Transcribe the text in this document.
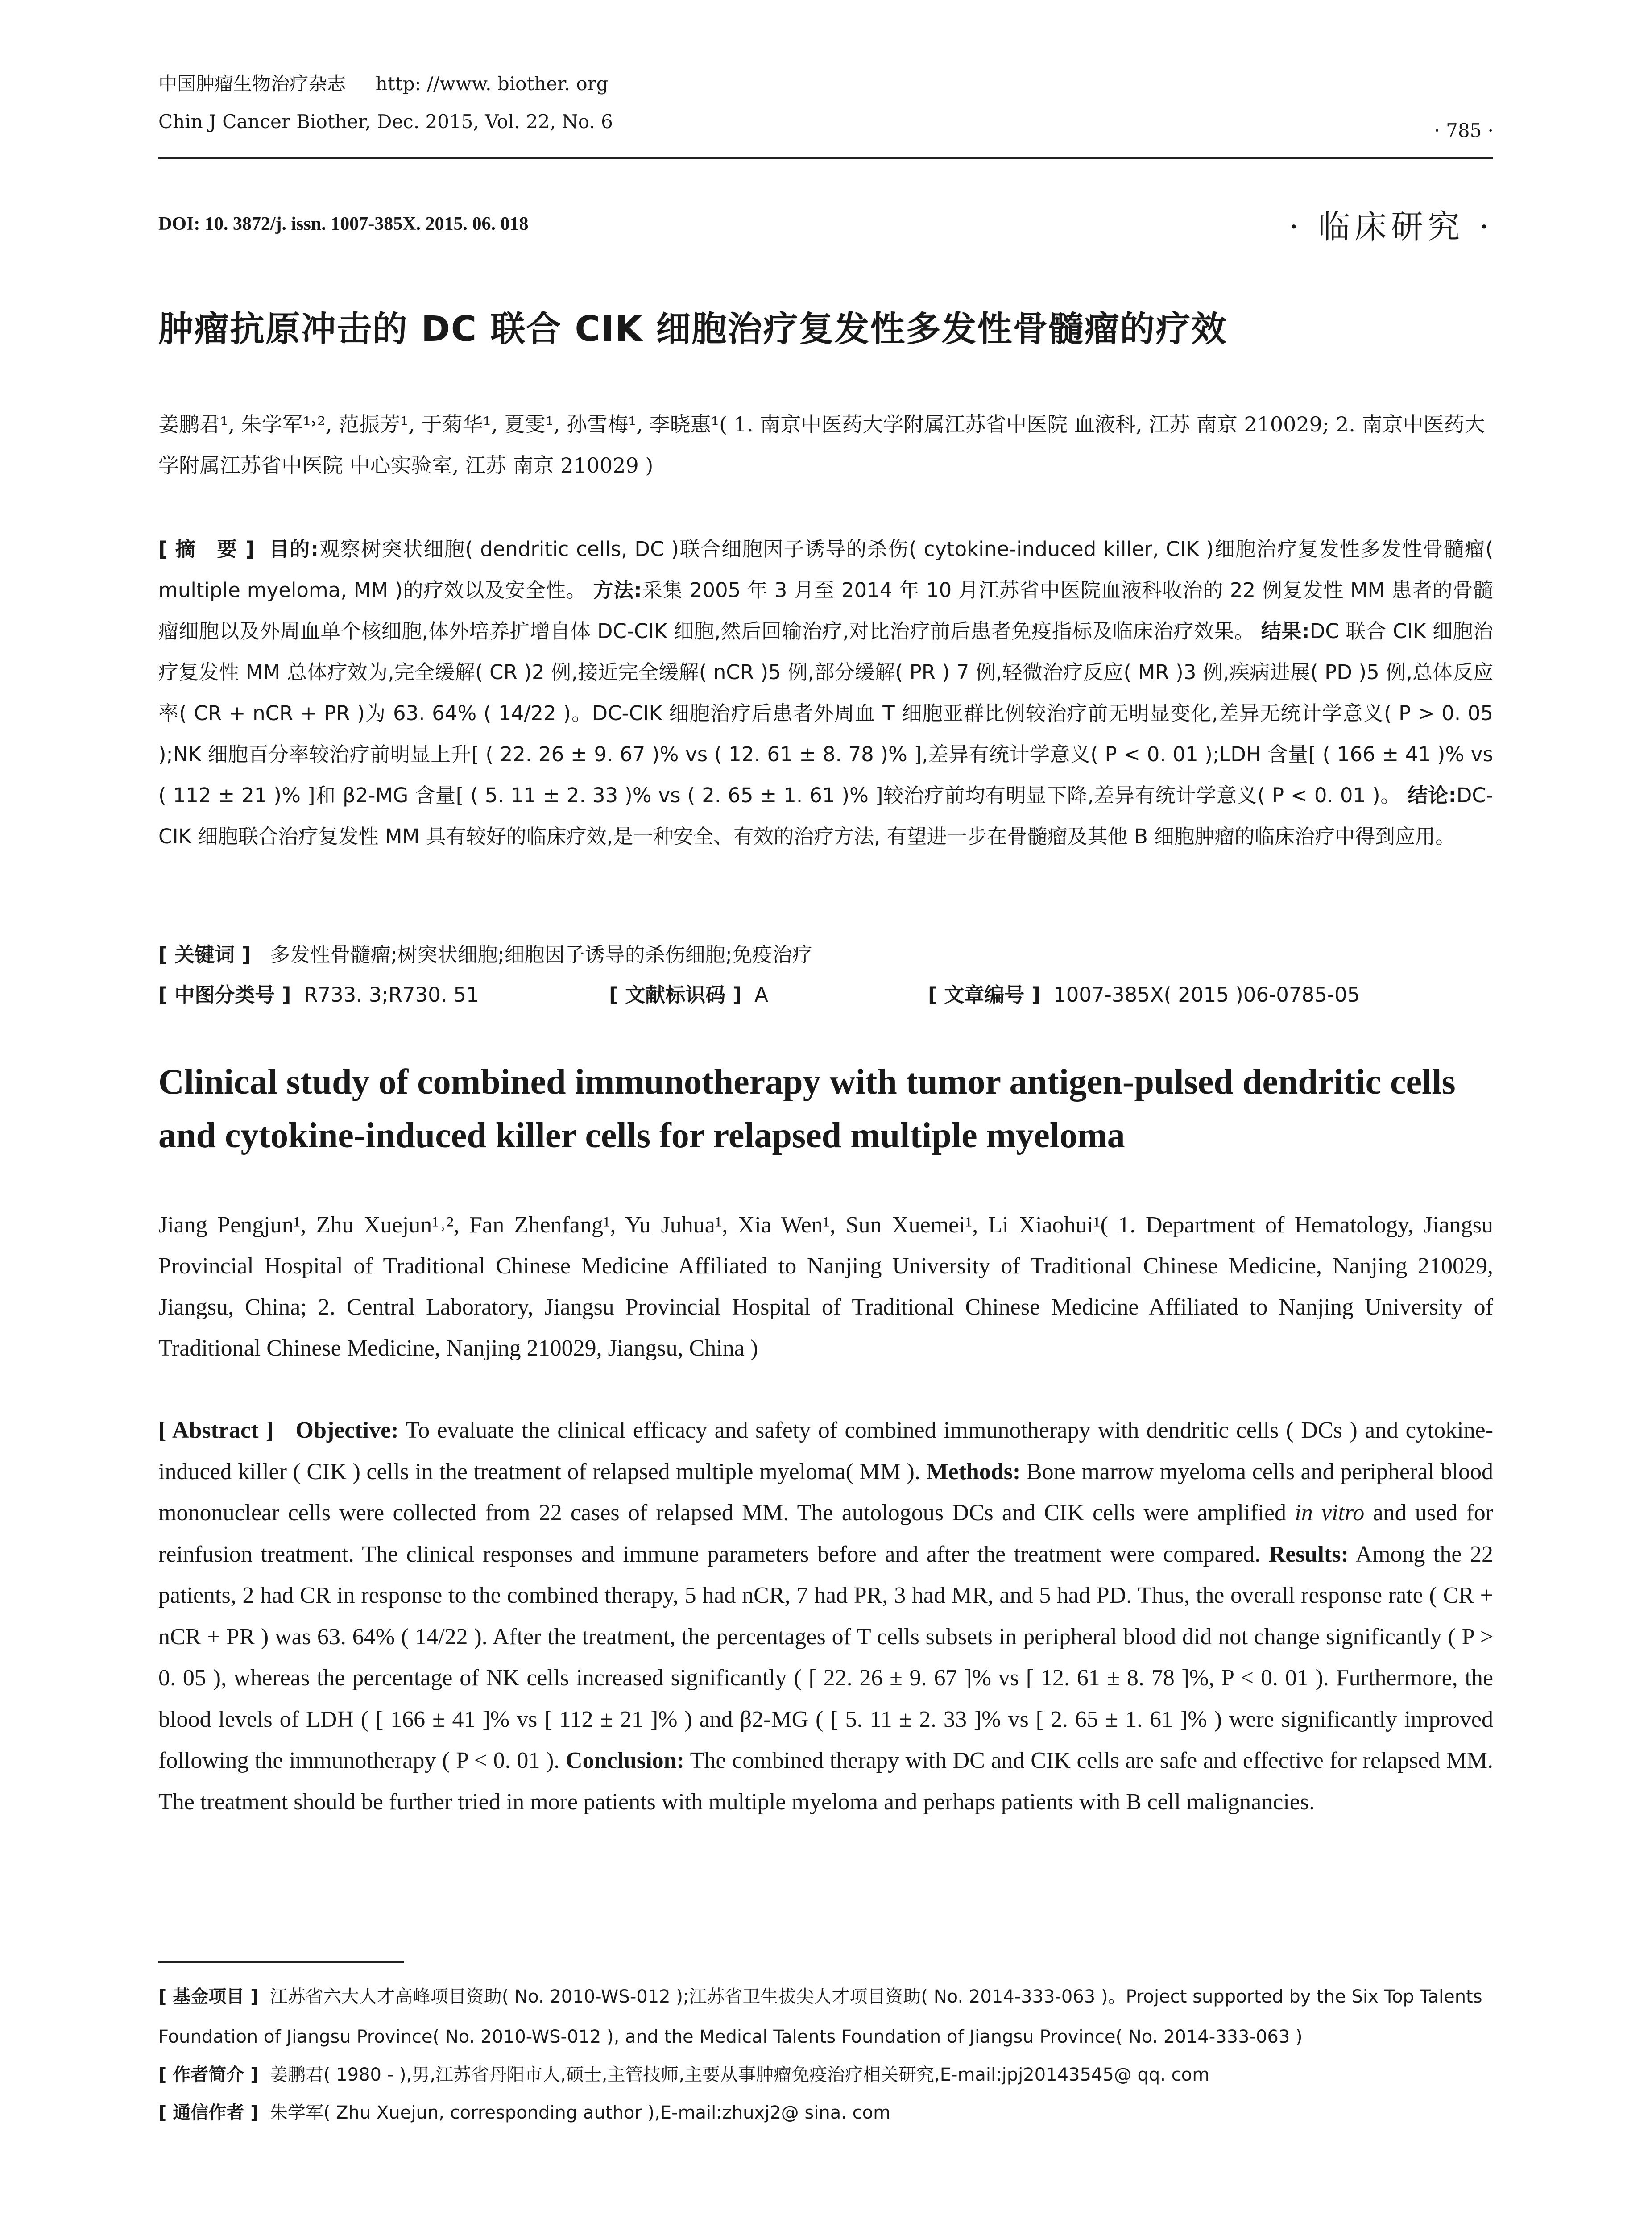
中国肿瘤生物治疗杂志 http: //www. biother. org
Chin J Cancer Biother, Dec. 2015, Vol. 22, No. 6	· 785 ·
DOI: 10. 3872/j. issn. 1007-385X. 2015. 06. 018	· 临床研究 ·
肿瘤抗原冲击的 DC 联合 CIK 细胞治疗复发性多发性骨髓瘤的疗效
姜鹏君¹, 朱学军¹˒², 范振芳¹, 于菊华¹, 夏雯¹, 孙雪梅¹, 李晓惠¹( 1. 南京中医药大学附属江苏省中医院 血液科, 江苏 南京 210029; 2. 南京中医药大学附属江苏省中医院 中心实验室, 江苏 南京 210029 )
[ 摘　要 ] 目的:观察树突状细胞( dendritic cells, DC )联合细胞因子诱导的杀伤( cytokine-induced killer, CIK )细胞治疗复发性多发性骨髓瘤( multiple myeloma, MM )的疗效以及安全性。 方法:采集 2005 年 3 月至 2014 年 10 月江苏省中医院血液科收治的 22 例复发性 MM 患者的骨髓瘤细胞以及外周血单个核细胞,体外培养扩增自体 DC-CIK 细胞,然后回输治疗,对比治疗前后患者免疫指标及临床治疗效果。 结果:DC 联合 CIK 细胞治疗复发性 MM 总体疗效为,完全缓解( CR )2 例,接近完全缓解( nCR )5 例,部分缓解( PR ) 7 例,轻微治疗反应( MR )3 例,疾病进展( PD )5 例,总体反应率( CR + nCR + PR )为 63. 64% ( 14/22 )。DC-CIK 细胞治疗后患者外周血 T 细胞亚群比例较治疗前无明显变化,差异无统计学意义( P > 0. 05 );NK 细胞百分率较治疗前明显上升[ ( 22. 26 ± 9. 67 )% vs ( 12. 61 ± 8. 78 )% ],差异有统计学意义( P < 0. 01 );LDH 含量[ ( 166 ± 41 )% vs ( 112 ± 21 )% ]和 β2-MG 含量[ ( 5. 11 ± 2. 33 )% vs ( 2. 65 ± 1. 61 )% ]较治疗前均有明显下降,差异有统计学意义( P < 0. 01 )。 结论:DC-CIK 细胞联合治疗复发性 MM 具有较好的临床疗效,是一种安全、有效的治疗方法, 有望进一步在骨髓瘤及其他 B 细胞肿瘤的临床治疗中得到应用。
[ 关键词 ] 多发性骨髓瘤;树突状细胞;细胞因子诱导的杀伤细胞;免疫治疗
[ 中图分类号 ] R733. 3;R730. 51	[ 文献标识码 ] A	[ 文章编号 ] 1007-385X( 2015 )06-0785-05
Clinical study of combined immunotherapy with tumor antigen-pulsed dendritic cells and cytokine-induced killer cells for relapsed multiple myeloma
Jiang Pengjun¹, Zhu Xuejun¹˒², Fan Zhenfang¹, Yu Juhua¹, Xia Wen¹, Sun Xuemei¹, Li Xiaohui¹( 1. Department of Hematology, Jiangsu Provincial Hospital of Traditional Chinese Medicine Affiliated to Nanjing University of Traditional Chinese Medicine, Nanjing 210029, Jiangsu, China; 2. Central Laboratory, Jiangsu Provincial Hospital of Traditional Chinese Medicine Affiliated to Nanjing University of Traditional Chinese Medicine, Nanjing 210029, Jiangsu, China )
[ Abstract ] Objective: To evaluate the clinical efficacy and safety of combined immunotherapy with dendritic cells ( DCs ) and cytokine-induced killer ( CIK ) cells in the treatment of relapsed multiple myeloma( MM ). Methods: Bone marrow myeloma cells and peripheral blood mononuclear cells were collected from 22 cases of relapsed MM. The autologous DCs and CIK cells were amplified in vitro and used for reinfusion treatment. The clinical responses and immune parameters before and after the treatment were compared. Results: Among the 22 patients, 2 had CR in response to the combined therapy, 5 had nCR, 7 had PR, 3 had MR, and 5 had PD. Thus, the overall response rate ( CR + nCR + PR ) was 63. 64% ( 14/22 ). After the treatment, the percentages of T cells subsets in peripheral blood did not change significantly ( P > 0. 05 ), whereas the percentage of NK cells increased significantly ( [ 22. 26 ± 9. 67 ]% vs [ 12. 61 ± 8. 78 ]%, P < 0. 01 ). Furthermore, the blood levels of LDH ( [ 166 ± 41 ]% vs [ 112 ± 21 ]% ) and β2-MG ( [ 5. 11 ± 2. 33 ]% vs [ 2. 65 ± 1. 61 ]% ) were significantly improved following the immunotherapy ( P < 0. 01 ). Conclusion: The combined therapy with DC and CIK cells are safe and effective for relapsed MM. The treatment should be further tried in more patients with multiple myeloma and perhaps patients with B cell malignancies.
[ 基金项目 ] 江苏省六大人才高峰项目资助( No. 2010-WS-012 );江苏省卫生拔尖人才项目资助( No. 2014-333-063 )。Project supported by the Six Top Talents Foundation of Jiangsu Province( No. 2010-WS-012 ), and the Medical Talents Foundation of Jiangsu Province( No. 2014-333-063 )
[ 作者简介 ] 姜鹏君( 1980 - ),男,江苏省丹阳市人,硕士,主管技师,主要从事肿瘤免疫治疗相关研究,E-mail:jpj20143545@ qq. com
[ 通信作者 ] 朱学军( Zhu Xuejun, corresponding author ),E-mail:zhuxj2@ sina. com
